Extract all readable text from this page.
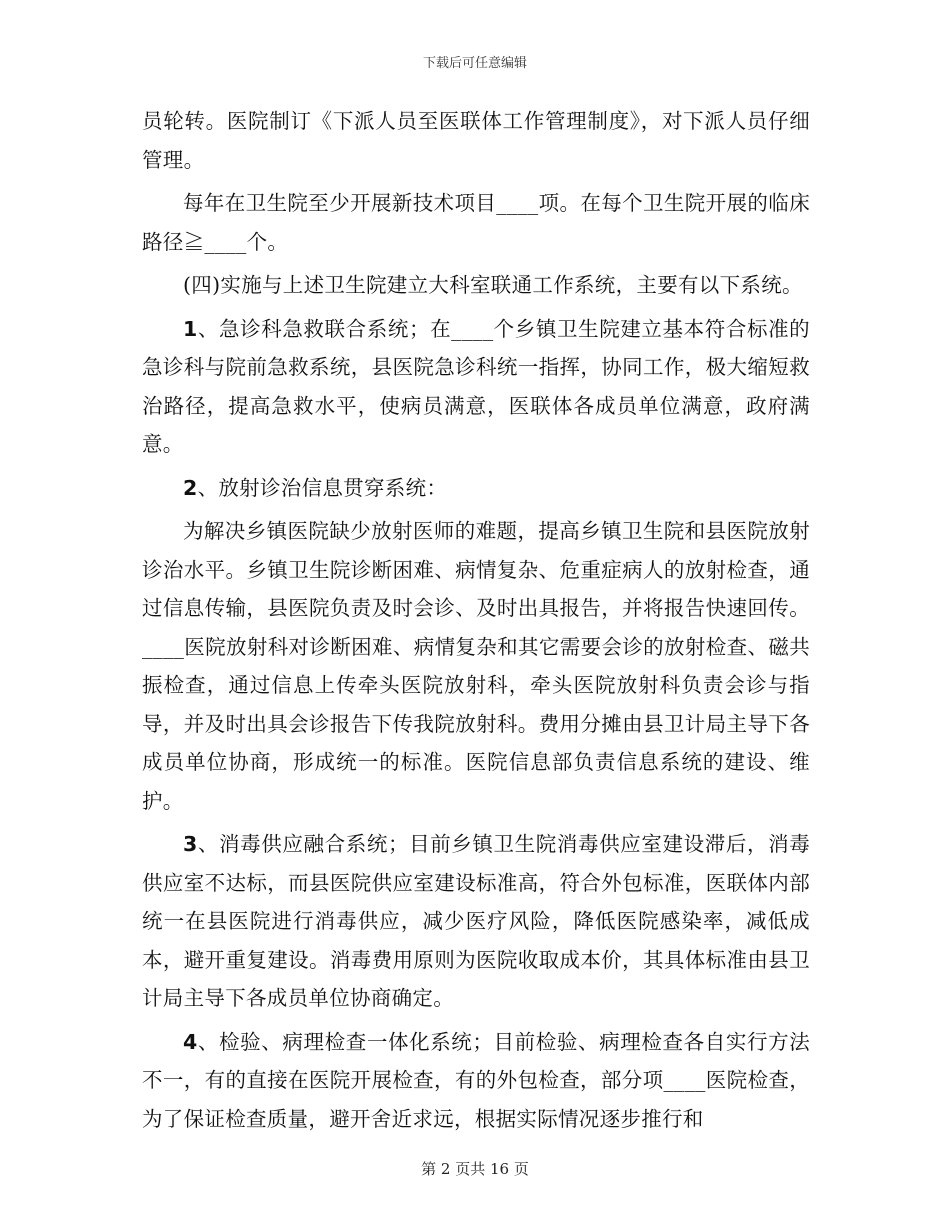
下载后可任意编辑

员轮转。医院制订《下派人员至医联体工作管理制度》，对下派人员仔细管理。

每年在卫生院至少开展新技术项目____项。在每个卫生院开展的临床路径≧____个。

(四)实施与上述卫生院建立大科室联通工作系统，主要有以下系统。

1、急诊科急救联合系统；在____个乡镇卫生院建立基本符合标准的急诊科与院前急救系统，县医院急诊科统一指挥，协同工作，极大缩短救治路径，提高急救水平，使病员满意，医联体各成员单位满意，政府满意。

2、放射诊治信息贯穿系统：

为解决乡镇医院缺少放射医师的难题，提高乡镇卫生院和县医院放射诊治水平。乡镇卫生院诊断困难、病情复杂、危重症病人的放射检查，通过信息传输，县医院负责及时会诊、及时出具报告，并将报告快速回传。____医院放射科对诊断困难、病情复杂和其它需要会诊的放射检查、磁共振检查，通过信息上传牵头医院放射科，牵头医院放射科负责会诊与指导，并及时出具会诊报告下传我院放射科。费用分摊由县卫计局主导下各成员单位协商，形成统一的标准。医院信息部负责信息系统的建设、维护。

3、消毒供应融合系统；目前乡镇卫生院消毒供应室建设滞后，消毒供应室不达标，而县医院供应室建设标准高，符合外包标准，医联体内部统一在县医院进行消毒供应，减少医疗风险，降低医院感染率，减低成本，避开重复建设。消毒费用原则为医院收取成本价，其具体标准由县卫计局主导下各成员单位协商确定。

4、检验、病理检查一体化系统；目前检验、病理检查各自实行方法不一，有的直接在医院开展检查，有的外包检查，部分项____医院检查，为了保证检查质量，避开舍近求远，根据实际情况逐步推行和

第 2 页共 16 页
